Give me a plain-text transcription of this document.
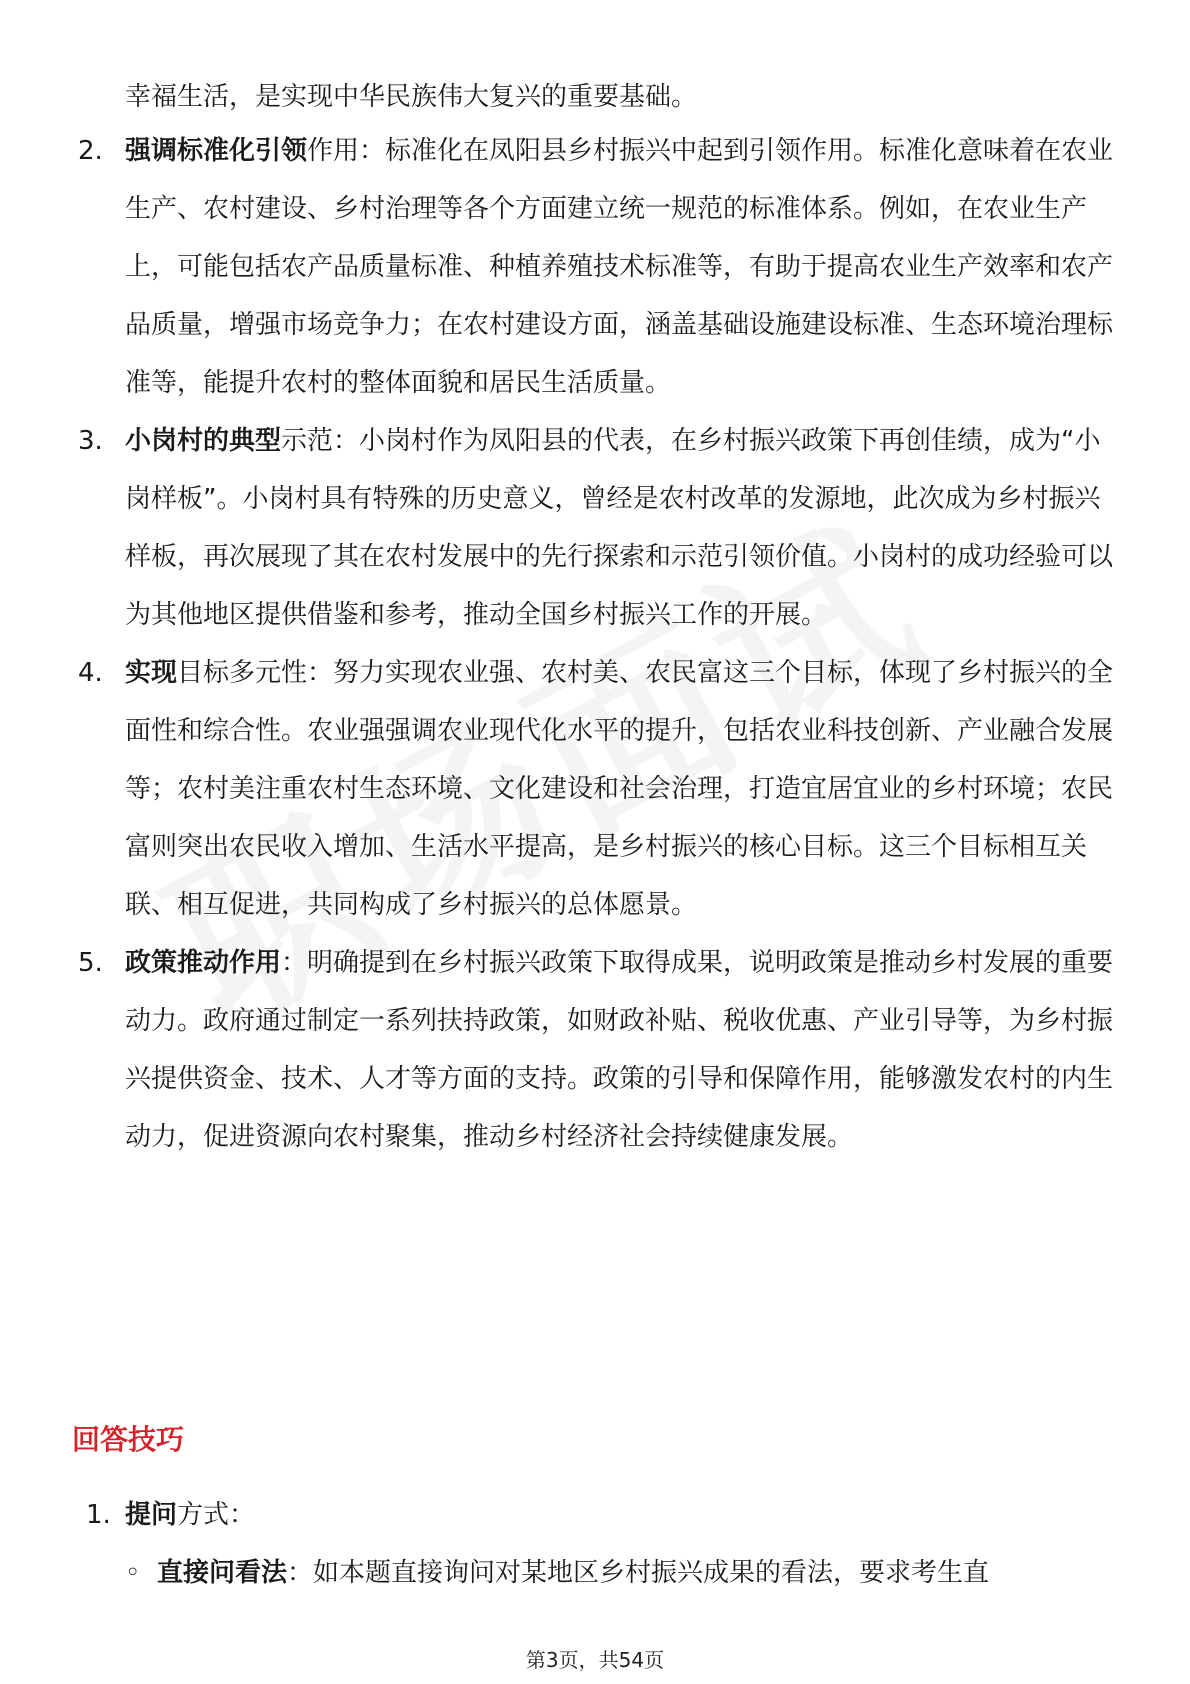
幸福生活，是实现中华民族伟大复兴的重要基础。
2. 强调标准化引领作用：标准化在凤阳县乡村振兴中起到引领作用。标准化意味着在农业生产、农村建设、乡村治理等各个方面建立统一规范的标准体系。例如，在农业生产上，可能包括农产品质量标准、种植养殖技术标准等，有助于提高农业生产效率和农产品质量，增强市场竞争力；在农村建设方面，涵盖基础设施建设标准、生态环境治理标准等，能提升农村的整体面貌和居民生活质量。
3. 小岗村的典型示范：小岗村作为凤阳县的代表，在乡村振兴政策下再创佳绩，成为“小岗样板”。小岗村具有特殊的历史意义，曾经是农村改革的发源地，此次成为乡村振兴样板，再次展现了其在农村发展中的先行探索和示范引领价值。小岗村的成功经验可以为其他地区提供借鉴和参考，推动全国乡村振兴工作的开展。
4. 实现目标多元性：努力实现农业强、农村美、农民富这三个目标，体现了乡村振兴的全面性和综合性。农业强强调农业现代化水平的提升，包括农业科技创新、产业融合发展等；农村美注重农村生态环境、文化建设和社会治理，打造宜居宜业的乡村环境；农民富则突出农民收入增加、生活水平提高，是乡村振兴的核心目标。这三个目标相互关联、相互促进，共同构成了乡村振兴的总体愿景。
5. 政策推动作用：明确提到在乡村振兴政策下取得成果，说明政策是推动乡村发展的重要动力。政府通过制定一系列扶持政策，如财政补贴、税收优惠、产业引导等，为乡村振兴提供资金、技术、人才等方面的支持。政策的引导和保障作用，能够激发农村的内生动力，促进资源向农村聚集，推动乡村经济社会持续健康发展。
回答技巧
1. 提问方式：
◦ 直接问看法：如本题直接询问对某地区乡村振兴成果的看法，要求考生直
第3页，共54页
